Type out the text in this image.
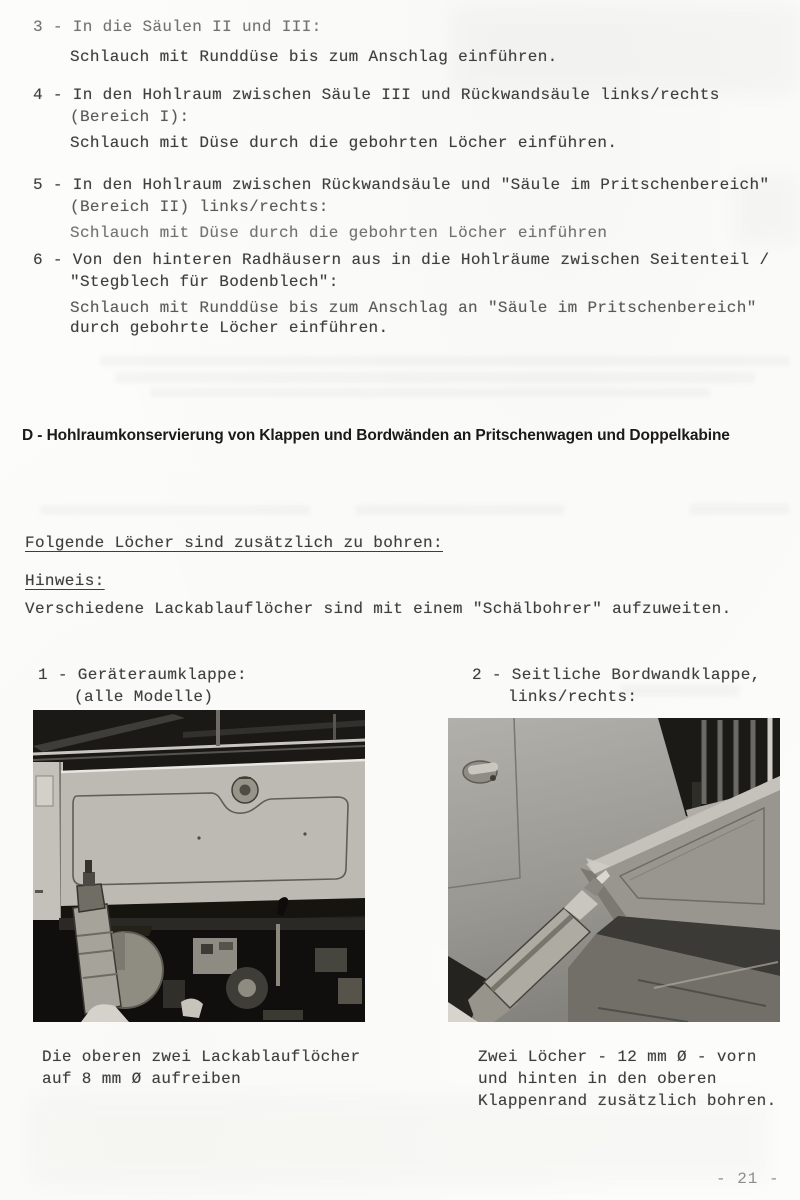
3 - In die Säulen II und III:
Schlauch mit Runddüse bis zum Anschlag einführen.
4 - In den Hohlraum zwischen Säule III und Rückwandsäule links/rechts
(Bereich I):
Schlauch mit Düse durch die gebohrten Löcher einführen.
5 - In den Hohlraum zwischen Rückwandsäule und "Säule im Pritschenbereich"
(Bereich II) links/rechts:
Schlauch mit Düse durch die gebohrten Löcher einführen
6 - Von den hinteren Radhäusern aus in die Hohlräume zwischen Seitenteil /
"Stegblech für Bodenblech":
Schlauch mit Runddüse bis zum Anschlag an "Säule im Pritschenbereich"
durch gebohrte Löcher einführen.
D - Hohlraumkonservierung von Klappen und Bordwänden an Pritschenwagen und Doppelkabine
Folgende Löcher sind zusätzlich zu bohren:
Hinweis:
Verschiedene Lackablauflöcher sind mit einem "Schälbohrer" aufzuweiten.
1 - Geräteraumklappe:
(alle Modelle)
2 - Seitliche Bordwandklappe,
links/rechts:
Die oberen zwei Lackablauflöcher
auf 8 mm Ø aufreiben
Zwei Löcher - 12 mm Ø - vorn
und hinten in den oberen
Klappenrand zusätzlich bohren.
- 21 -
